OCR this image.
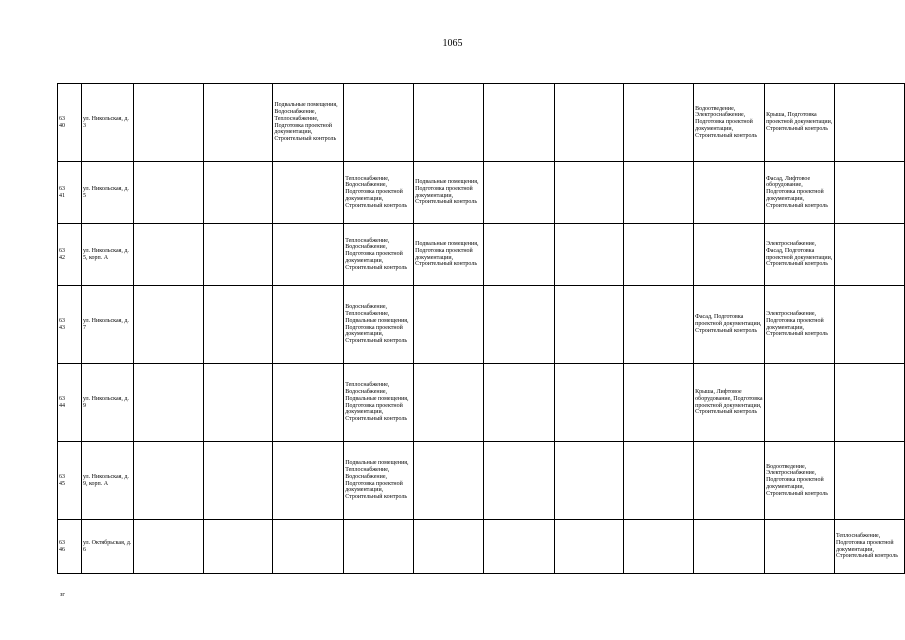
1065
63
40	ул. Никольская, д. 3			Подвальные помещения, Водоснабжение, Теплоснабжение, Подготовка проектной документации, Строительный контроль						Водоотведение, Электроснабжение, Подготовка проектной документации, Строительный контроль	Крыша, Подготовка проектной документации, Строительный контроль	

63
41	ул. Никольская, д. 5				Теплоснабжение, Водоснабжение, Подготовка проектной документации, Строительный контроль	Подвальные помещения, Подготовка проектной документации, Строительный контроль					Фасад, Лифтовое оборудование, Подготовка проектной документации, Строительный контроль	

63
42	ул. Никольская, д. 5, корп. А				Теплоснабжение, Водоснабжение, Подготовка проектной документации, Строительный контроль	Подвальные помещения, Подготовка проектной документации, Строительный контроль					Электроснабжение, Фасад, Подготовка проектной документации, Строительный контроль	

63
43	ул. Никольская, д. 7				Водоснабжение, Теплоснабжение, Подвальные помещения, Подготовка проектной документации, Строительный контроль					Фасад, Подготовка проектной документации, Строительный контроль	Электроснабжение, Подготовка проектной документации, Строительный контроль	

63
44	ул. Никольская, д. 9				Теплоснабжение, Водоснабжение, Подвальные помещения, Подготовка проектной документации, Строительный контроль					Крыша, Лифтовое оборудование, Подготовка проектной документации, Строительный контроль		

63
45	ул. Никольская, д. 9, корп. А				Подвальные помещения, Теплоснабжение, Водоснабжение, Подготовка проектной документации, Строительный контроль						Водоотведение, Электроснабжение, Подготовка проектной документации, Строительный контроль	

63
46	ул. Октябрьская, д. 6											Теплоснабжение, Подготовка проектной документации, Строительный контроль
зг
